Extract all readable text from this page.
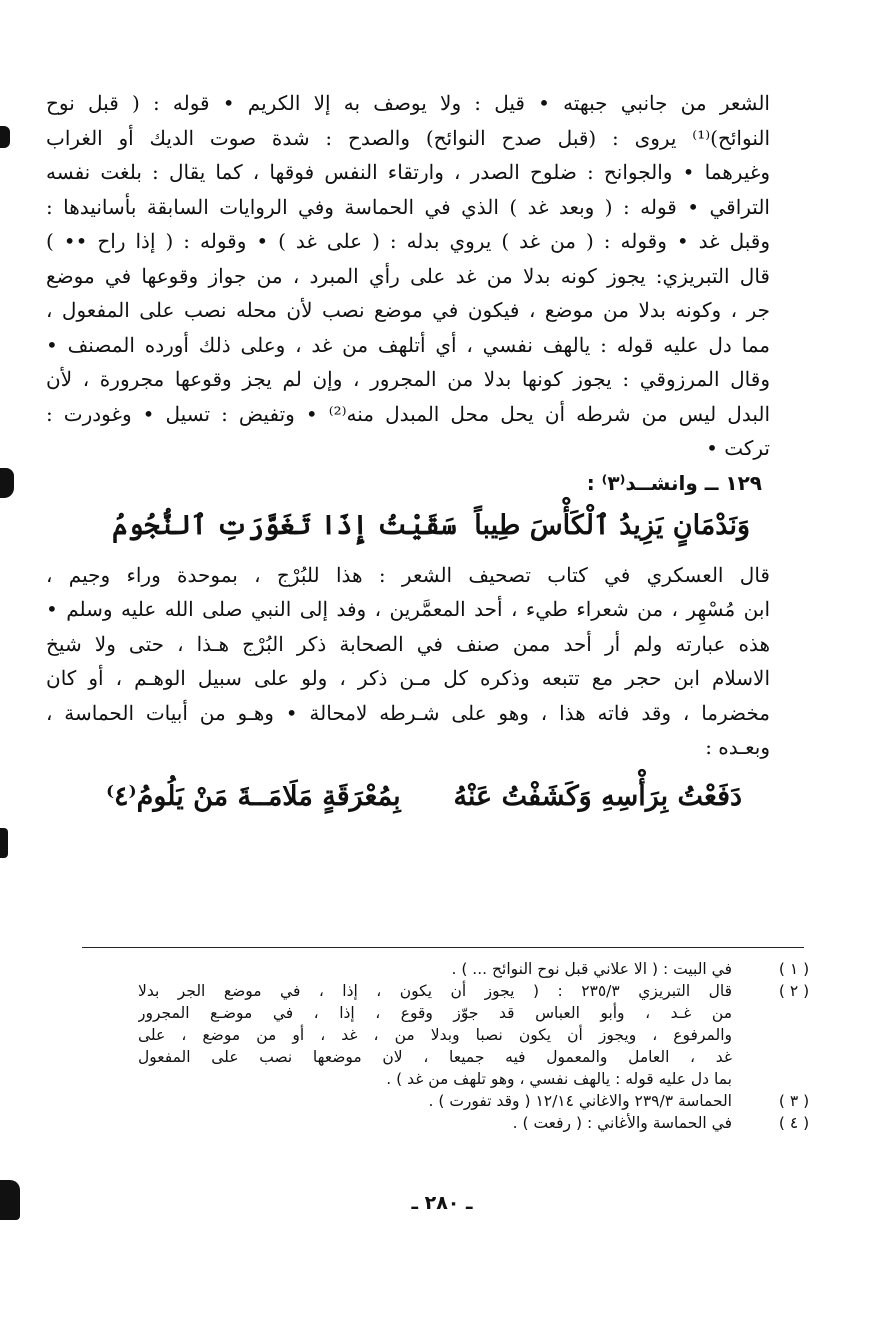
الشعر من جانبي جبهته • قيل : ولا يوصف به إلا الكريم • قوله : ( قبل نوح
النوائح)⁽¹⁾ يروى : (قبل صدح النوائح) والصدح : شدة صوت الديك أو الغراب
وغيرهما • والجوانح : ضلوح الصدر ، وارتقاء النفس فوقها ، كما يقال : بلغت نفسه
التراقي • قوله : ( وبعد غد ) الذي في الحماسة وفي الروايات السابقة بأسانيدها :
وقبل غد • وقوله : ( من غد ) يروي بدله : ( على غد ) • وقوله : ( إذا راح •• )
قال التبريزي: يجوز كونه بدلا من غد على رأي المبرد ، من جواز وقوعها في موضع
جر ، وكونه بدلا من موضع ، فيكون في موضع نصب لأن محله نصب على المفعول ،
مما دل عليه قوله : يالهف نفسي ، أي أتلهف من غد ، وعلى ذلك أورده المصنف •
وقال المرزوقي : يجوز كونها بدلا من المجرور ، وإن لم يجز وقوعها مجرورة ، لأن
البدل ليس من شرطه أن يحل محل المبدل منه⁽²⁾ • وتفيض : تسيل • وغودرت :
تركت •
١٢٩ ــ وانشــد⁽٣⁾ :
وَنَدْمَانٍ يَزِيدُ ٱلْكَأْسَ طِيباً
سَقَيْتُ إِذَا تَغَوَّرَتِ ٱلنُّجُومُ
قال العسكري في كتاب تصحيف الشعر : هذا للبُرْج ، بموحدة وراء وجيم ،
ابن مُسْهِر ، من شعراء طيء ، أحد المعمَّرين ، وفد إلى النبي صلى الله عليه وسلم •
هذه عبارته ولم أر أحد ممن صنف في الصحابة ذكر البُرْج هـذا ، حتى ولا شيخ
الاسلام ابن حجر مع تتبعه وذكره كل مـن ذكر ، ولو على سبيل الوهـم ، أو كان
مخضرما ، وقد فاته هذا ، وهو على شـرطه لامحالة • وهـو من أبيات الحماسة ،
وبعـده :
دَفَعْتُ بِرَأْسِهِ وَكَشَفْتُ عَنْهُ
بِمُعْرَقَةٍ مَلَامَــةَ مَنْ يَلُومُ⁽٤⁾
( ١ )
في البيت : ( الا علاني قبل نوح النوائح ... ) .
( ٢ )
قال التبريزي ٢٣٥/٣ : ( يجوز أن يكون ، إذا ، في موضع الجر بدلا
من غـد ، وأبو العباس قد جوّز وقوع ، إذا ، في موضـع المجرور
والمرفوع ، ويجوز أن يكون نصبا وبدلا من ، غد ، أو من موضع ، على
غد ، العامل والمعمول فيه جميعا ، لان موضعها نصب على المفعول
بما دل عليه قوله : يالهف نفسي ، وهو تلهف من غد ) .
( ٣ )
الحماسة ٢٣٩/٣ والاغاني ١٢/١٤ ( وقد تفورت ) .
( ٤ )
في الحماسة والأغاني : ( رفعت ) .
ـ ٢٨٠ ـ
